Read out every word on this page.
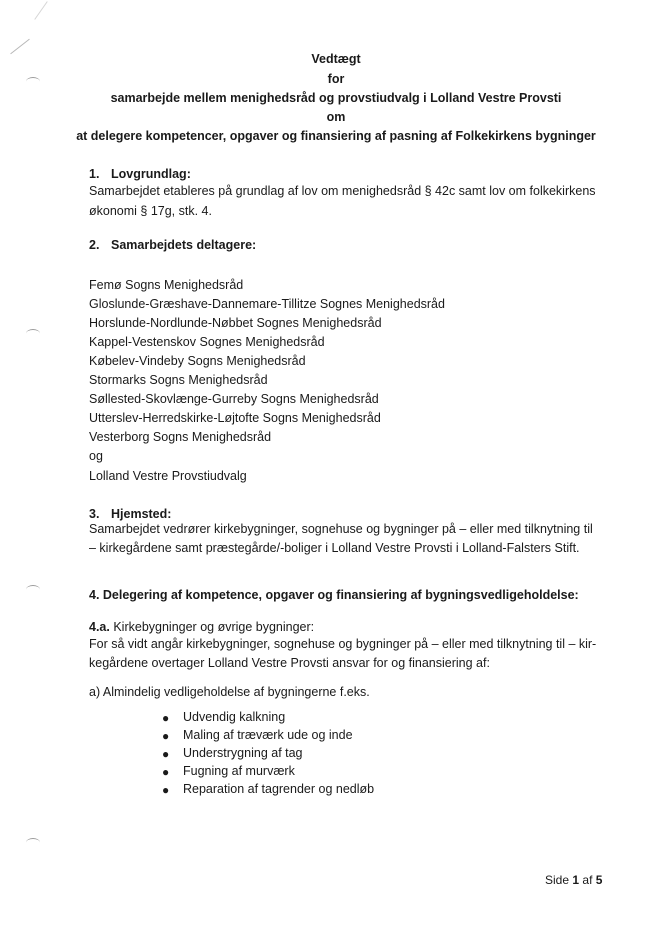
Vedtægt
for
samarbejde mellem menighedsråd og provstiudvalg i Lolland Vestre Provsti
om
at delegere kompetencer, opgaver og finansiering af pasning af Folkekirkens bygninger
1. Lovgrundlag:
Samarbejdet etableres på grundlag af lov om menighedsråd § 42c samt lov om folkekirkens
økonomi § 17g, stk. 4.
2. Samarbejdets deltagere:
Femø Sogns Menighedsråd
Gloslunde-Græshave-Dannemare-Tillitze Sognes Menighedsråd
Horslunde-Nordlunde-Nøbbet Sognes Menighedsråd
Kappel-Vestenskov Sognes Menighedsråd
Købelev-Vindeby Sogns Menighedsråd
Stormarks Sogns Menighedsråd
Søllested-Skovlænge-Gurreby Sogns Menighedsråd
Utterslev-Herredskirke-Løjtofte Sogns Menighedsråd
Vesterborg Sogns Menighedsråd
og
Lolland Vestre Provstiudvalg
3. Hjemsted:
Samarbejdet vedrører kirkebygninger, sognehuse og bygninger på – eller med tilknytning til
– kirkegårdene samt præstegårde/-boliger i Lolland Vestre Provsti i Lolland-Falsters Stift.
4. Delegering af kompetence, opgaver og finansiering af bygningsvedligeholdelse:
4.a. Kirkebygninger og øvrige bygninger:
For så vidt angår kirkebygninger, sognehuse og bygninger på – eller med tilknytning til – kir-
kegårdene overtager Lolland Vestre Provsti ansvar for og finansiering af:
a) Almindelig vedligeholdelse af bygningerne f.eks.
● Udvendig kalkning
● Maling af træværk ude og inde
● Understrygning af tag
● Fugning af murværk
● Reparation af tagrender og nedløb
Side 1 af 5
